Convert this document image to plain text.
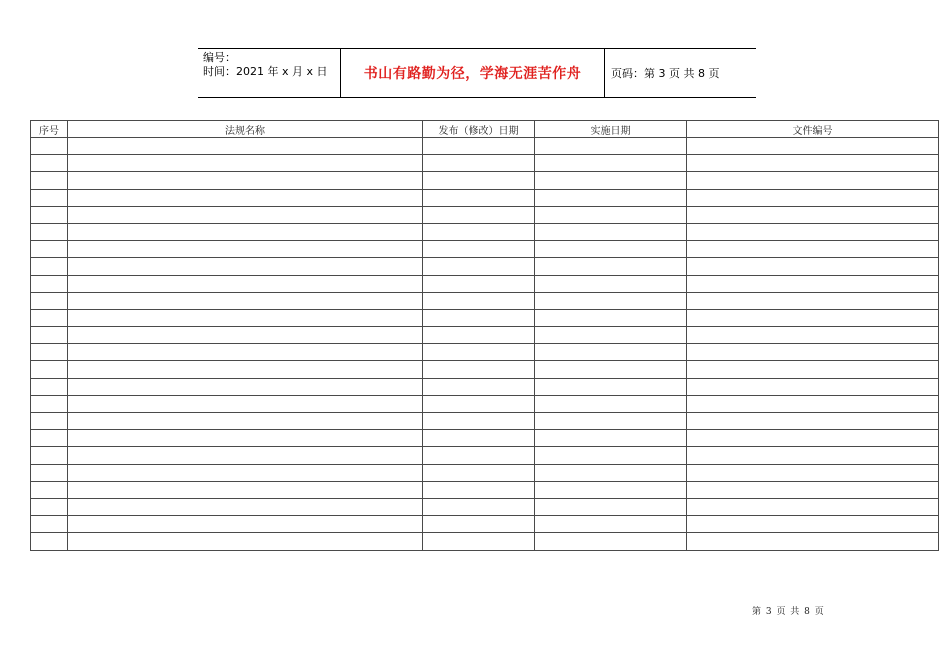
编号：
时间：2021 年 x 月 x 日	书山有路勤为径，学海无涯苦作舟	页码：第 3 页 共 8 页
序号	法规名称	发布（修改）日期	实施日期	文件编号

第 3 页 共 8 页
